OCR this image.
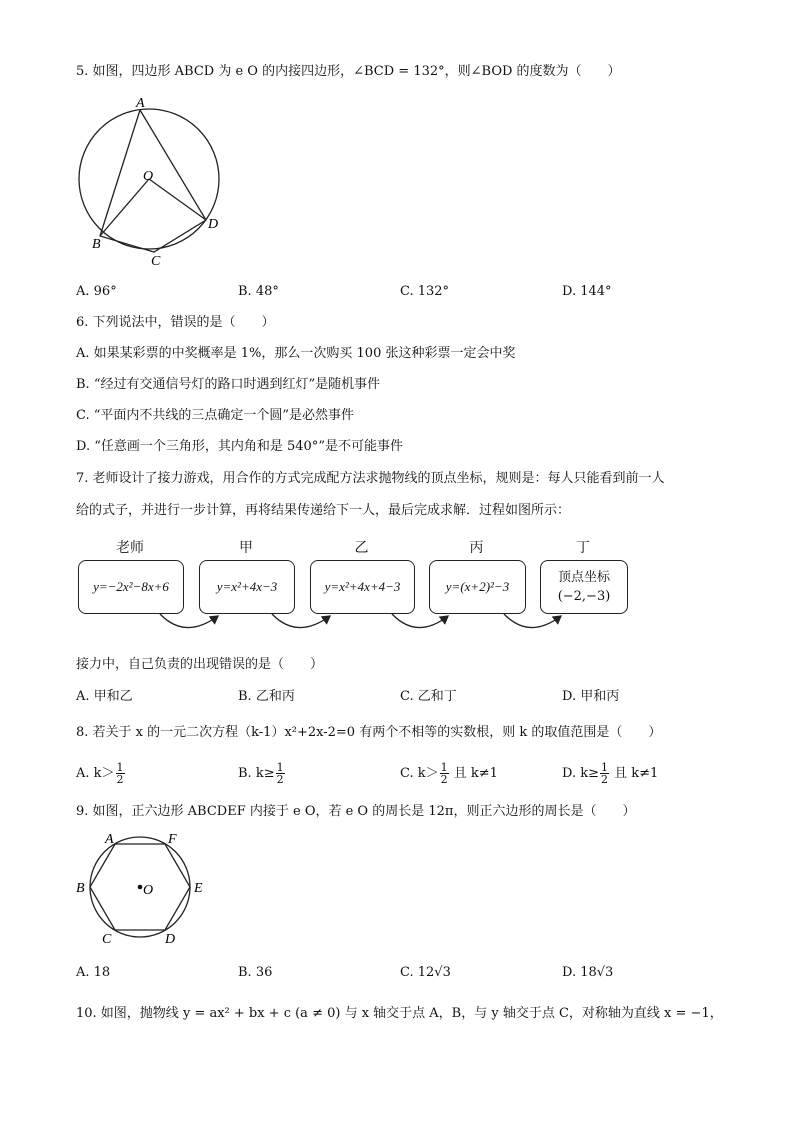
5. 如图，四边形 ABCD 为 e O 的内接四边形，∠BCD = 132°，则∠BOD 的度数为（　　）
A
O
B
C
D
A. 96°	B. 48°	C. 132°	D. 144°
6. 下列说法中，错误的是（　　）
A. 如果某彩票的中奖概率是 1%，那么一次购买 100 张这种彩票一定会中奖
B. “经过有交通信号灯的路口时遇到红灯”是随机事件
C. “平面内不共线的三点确定一个圆”是必然事件
D. “任意画一个三角形，其内角和是 540°”是不可能事件
7. 老师设计了接力游戏，用合作的方式完成配方法求抛物线的顶点坐标，规则是：每人只能看到前一人
给的式子，并进行一步计算，再将结果传递给下一人，最后完成求解．过程如图所示：
老师	甲	乙	丙	丁
y=−2x²−8x+6	y=x²+4x−3	y=x²+4x+4−3	y=(x+2)²−3
顶点坐标
(−2,−3)
接力中，自己负责的出现错误的是（　　）
A. 甲和乙	B. 乙和丙	C. 乙和丁	D. 甲和丙
8. 若关于 x 的一元二次方程（k-1）x²+2x-2=0 有两个不相等的实数根，则 k 的取值范围是（　　）
A. $k> \frac{1}{2}$	B. $k\ge \frac{1}{2}$	C. $k> \frac{1}{2}$ 且 k≠1	D. $k\ge \frac{1}{2}$ 且 k≠1
9. 如图，正六边形 ABCDEF 内接于 e O，若 e O 的周长是 12π，则正六边形的周长是（　　）
A	F
B	E
O
C	D
A. 18	B. 36	C. 12√3	D. 18√3
10. 如图，抛物线 y = ax² + bx + c (a ≠ 0) 与 x 轴交于点 A，B，与 y 轴交于点 C，对称轴为直线 x = −1，
